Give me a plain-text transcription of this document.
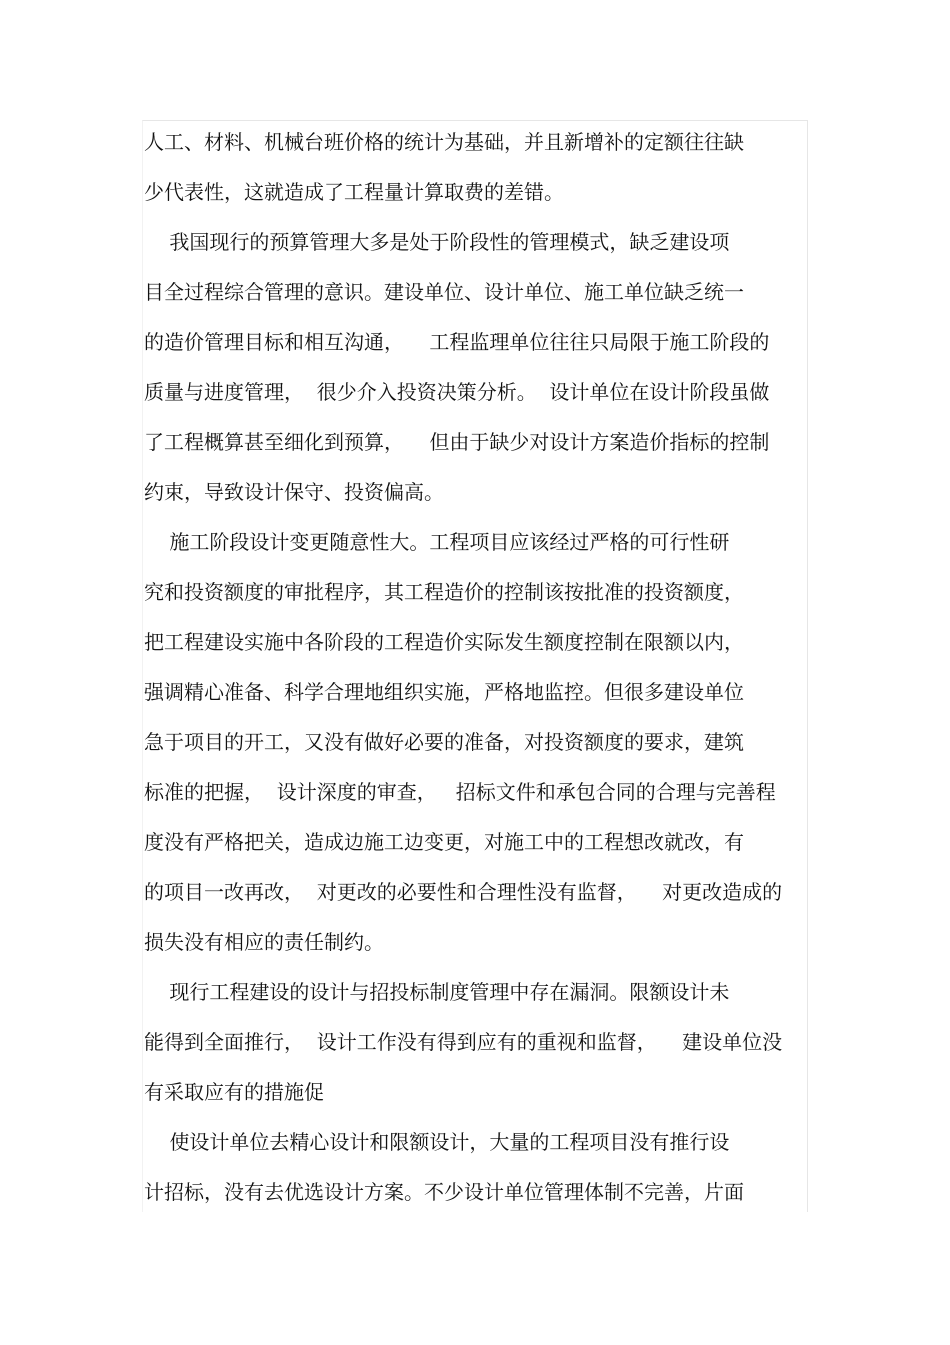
人工、材料、机械台班价格的统计为基础，并且新增补的定额往往缺
少代表性，这就造成了工程量计算取费的差错。
我国现行的预算管理大多是处于阶段性的管理模式，缺乏建设项
目全过程综合管理的意识。建设单位、设计单位、施工单位缺乏统一
的造价管理目标和相互沟通，    工程监理单位往往只局限于施工阶段的
质量与进度管理，  很少介入投资决策分析。  设计单位在设计阶段虽做
了工程概算甚至细化到预算，    但由于缺少对设计方案造价指标的控制
约束，导致设计保守、投资偏高。
施工阶段设计变更随意性大。工程项目应该经过严格的可行性研
究和投资额度的审批程序，其工程造价的控制该按批准的投资额度，
把工程建设实施中各阶段的工程造价实际发生额度控制在限额以内，
强调精心准备、科学合理地组织实施，严格地监控。但很多建设单位
急于项目的开工，又没有做好必要的准备，对投资额度的要求，建筑
标准的把握，  设计深度的审查，   招标文件和承包合同的合理与完善程
度没有严格把关，造成边施工边变更，对施工中的工程想改就改，有
的项目一改再改，  对更改的必要性和合理性没有监督，    对更改造成的
损失没有相应的责任制约。
现行工程建设的设计与招投标制度管理中存在漏洞。限额设计未
能得到全面推行，  设计工作没有得到应有的重视和监督，    建设单位没
有采取应有的措施促
使设计单位去精心设计和限额设计，大量的工程项目没有推行设
计招标，没有去优选设计方案。不少设计单位管理体制不完善，片面
